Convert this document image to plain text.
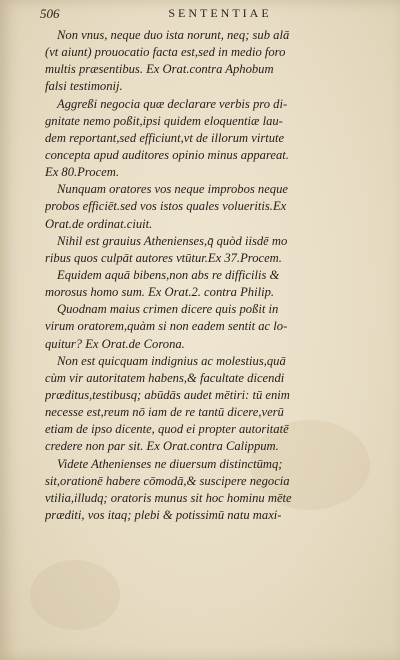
506	SENTENTIAE
Non vnus, neque duo ista norunt, neq; sub alā
(vt aiunt) prouocatio facta est,sed in medio foro
multis præsentibus. Ex Orat.contra Aphobum
falsi testimonij.
Aggreßi negocia quæ declarare verbis pro di-
gnitate nemo poßit,ipsi quidem eloquentiæ lau-
dem reportant,sed efficiunt,vt de illorum virtute
concepta apud auditores opinio minus appareat.
Ex 80.Procem.
Nunquam oratores vos neque improbos neque
probos efficiēt.sed vos istos quales volueritis.Ex
Orat.de ordinat.ciuit.
Nihil est grauius Athenienses,q̄ quòd iisdē mo
ribus quos culpāt autores vtūtur.Ex 37.Procem.
Equidem aquā bibens,non abs re difficilis &
morosus homo sum. Ex Orat.2. contra Philip.
Quodnam maius crimen dicere quis poßit in
virum oratorem,quàm si non eadem sentit ac lo-
quitur? Ex Orat.de Corona.
Non est quicquam indignius ac molestius,quā
cùm vir autoritatem habens,& facultate dicendi
præditus,testibusq; abūdās audet mētiri: tū enim
necesse est,reum nō iam de re tantū dicere,verū
etiam de ipso dicente, quod ei propter autoritatē
credere non par sit. Ex Orat.contra Calippum.
Videte Athenienses ne diuersum distinctūmq;
sit,orationē habere cōmodā,& suscipere negocia
vtilia,illudq; oratoris munus sit hoc hominu mēte
præditi, vos itaq; plebi & potissimū natu maxi-
